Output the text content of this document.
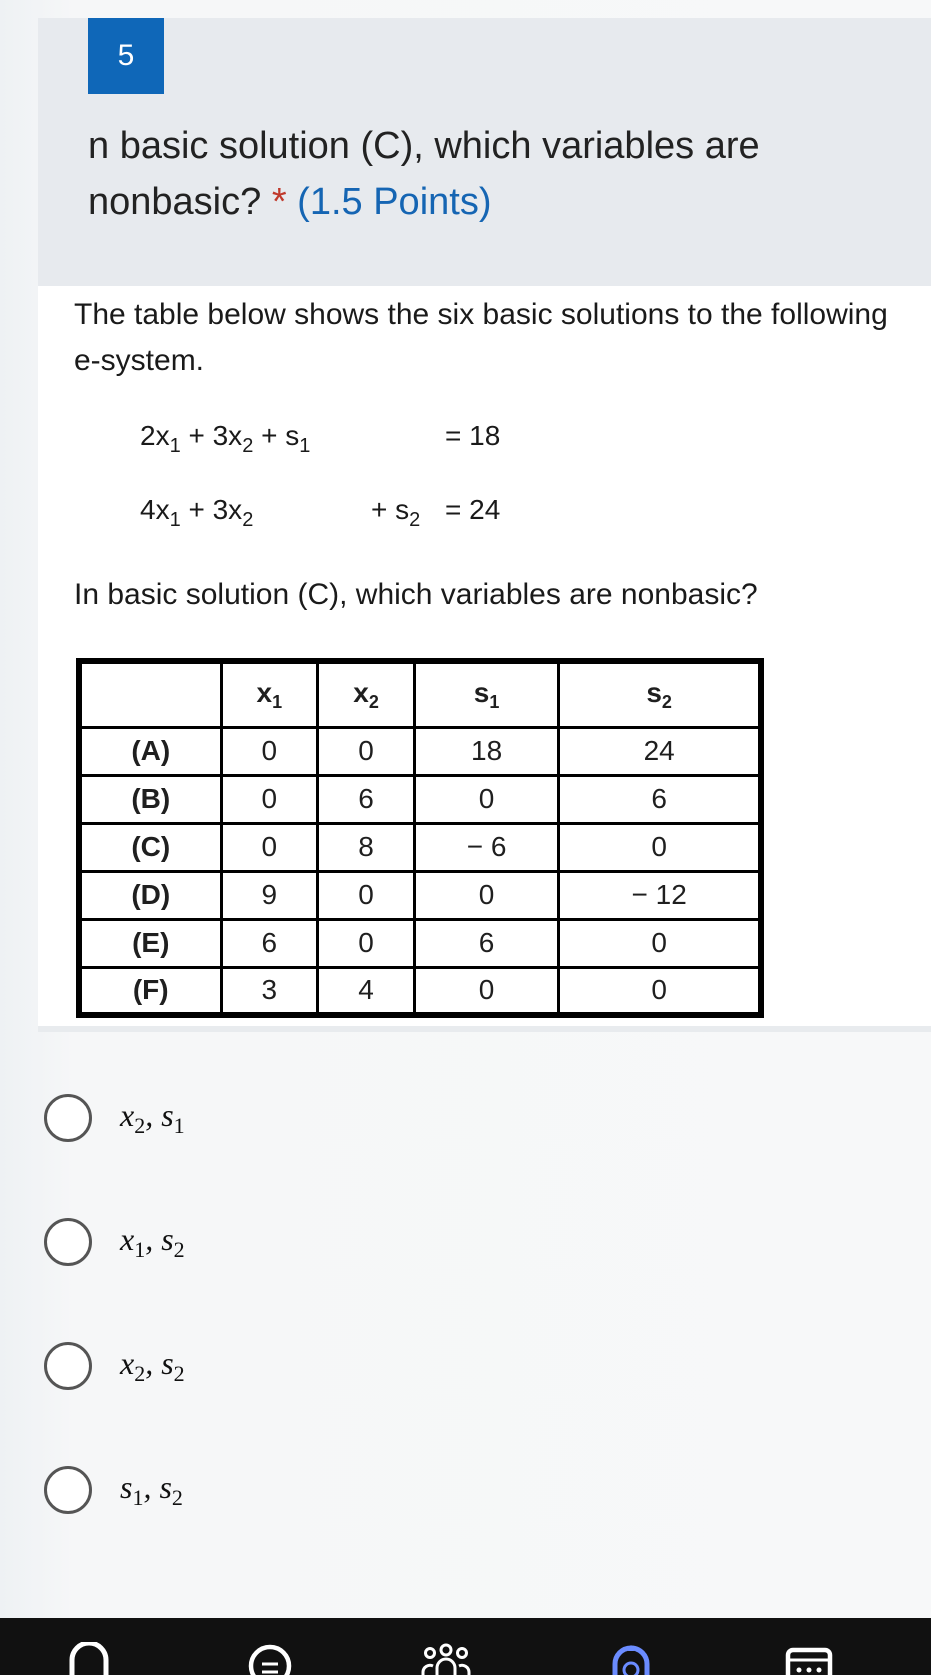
5
n basic solution (C), which variables are
nonbasic? * (1.5 Points)
The table below shows the six basic solutions to the following e-system.
$2x_1 + 3x_2 + s_1$	= 18
$4x_1 + 3x_2$	+ $s_2 = 24$
In basic solution (C), which variables are nonbasic?
	$x_1$	$x_2$	$s_1$	$s_2$
(A)	0	0	18	24
(B)	0	6	0	6
(C)	0	8	− 6	0
(D)	9	0	0	− 12
(E)	6	0	6	0
(F)	3	4	0	0
$x_2$, $s_1$
$x_1$, $s_2$
$x_2$, $s_2$
$s_1$, $s_2$
